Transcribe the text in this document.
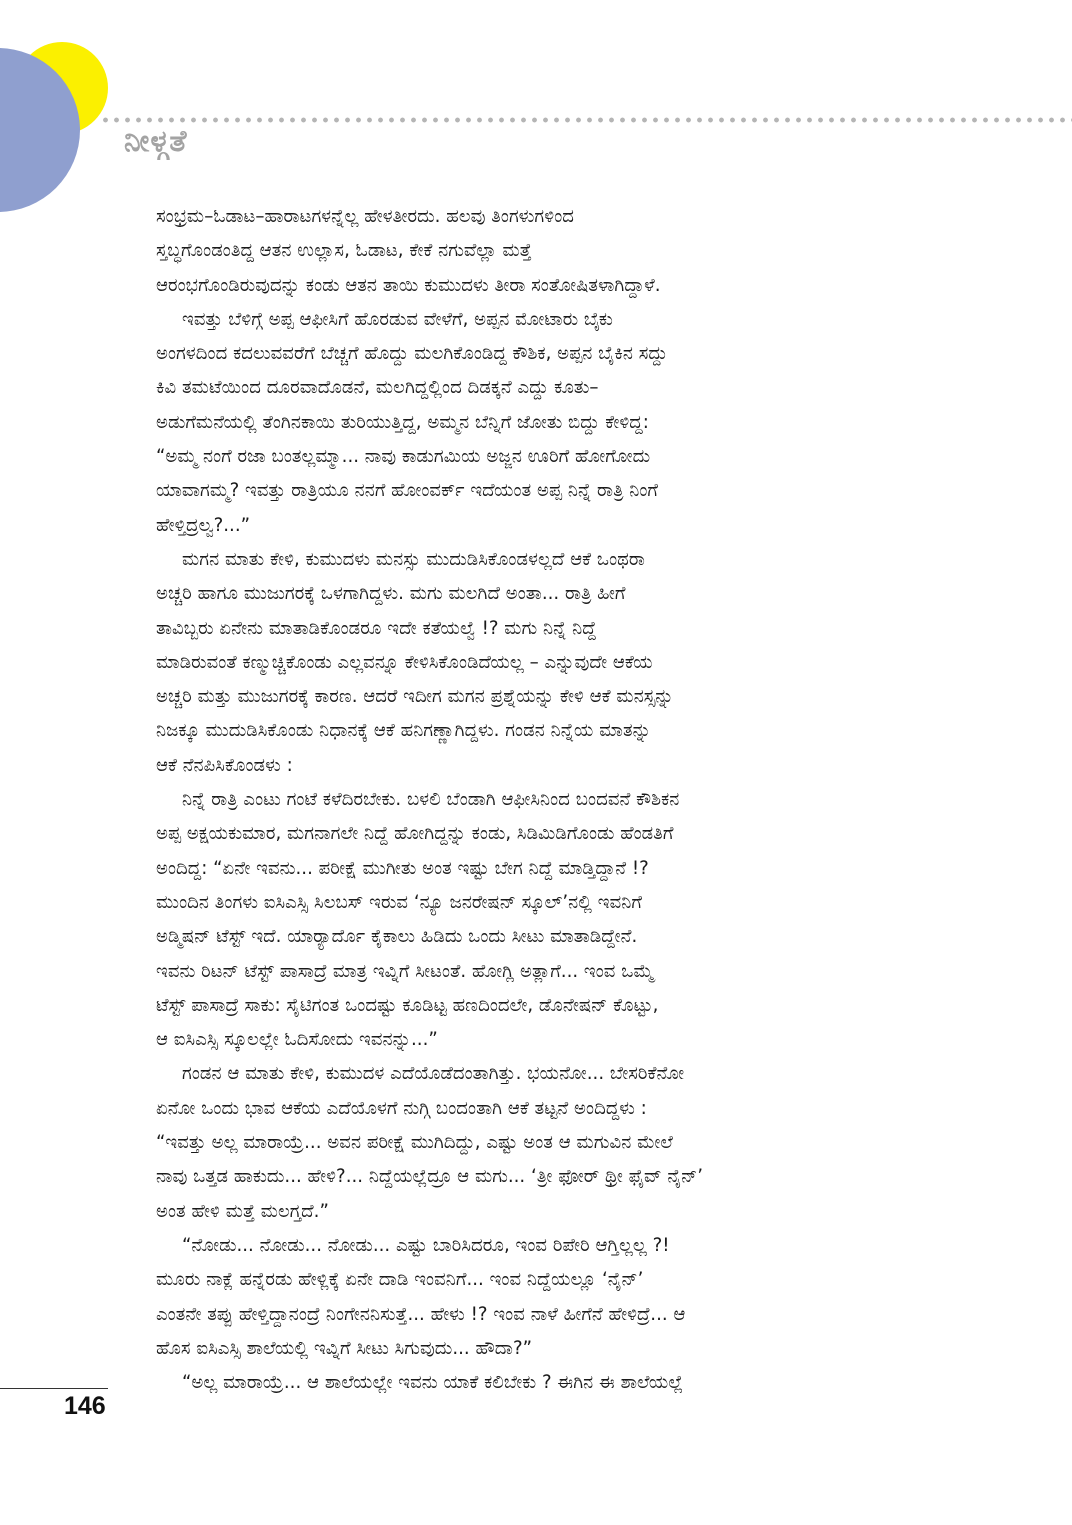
ನೀಳ್ಗತೆ
ಸಂಭ್ರಮ–ಓಡಾಟ–ಹಾರಾಟಗಳನ್ನೆಲ್ಲ ಹೇಳತೀರದು. ಹಲವು ತಿಂಗಳುಗಳಿಂದ
ಸ್ತಬ್ಧಗೊಂಡಂತಿದ್ದ ಆತನ ಉಲ್ಲಾಸ, ಓಡಾಟ, ಕೇಕೆ ನಗುವೆಲ್ಲಾ ಮತ್ತೆ
ಆರಂಭಗೊಂಡಿರುವುದನ್ನು ಕಂಡು ಆತನ ತಾಯಿ ಕುಮುದಳು ತೀರಾ ಸಂತೋಷಿತಳಾಗಿದ್ದಾಳೆ.
ಇವತ್ತು ಬೆಳಿಗ್ಗೆ ಅಪ್ಪ ಆಫೀಸಿಗೆ ಹೊರಡುವ ವೇಳೆಗೆ, ಅಪ್ಪನ ಮೋಟಾರು ಬೈಕು
ಅಂಗಳದಿಂದ ಕದಲುವವರೆಗೆ ಬೆಚ್ಚಗೆ ಹೊದ್ದು ಮಲಗಿಕೊಂಡಿದ್ದ ಕೌಶಿಕ, ಅಪ್ಪನ ಬೈಕಿನ ಸದ್ದು
ಕಿವಿ ತಮಟೆಯಿಂದ ದೂರವಾದೊಡನೆ, ಮಲಗಿದ್ದಲ್ಲಿಂದ ದಿಡಕ್ಕನೆ ಎದ್ದು ಕೂತು–
ಅಡುಗೆಮನೆಯಲ್ಲಿ ತೆಂಗಿನಕಾಯಿ ತುರಿಯುತ್ತಿದ್ದ, ಅಮ್ಮನ ಬೆನ್ನಿಗೆ ಜೋತು ಬಿದ್ದು ಕೇಳಿದ್ದ:
“ಅಮ್ಮ ನಂಗೆ ರಜಾ ಬಂತಲ್ಲಮ್ಮಾ... ನಾವು ಕಾಡುಗಮಿಯ ಅಜ್ಜನ ಊರಿಗೆ ಹೋಗೋದು
ಯಾವಾಗಮ್ಮ? ಇವತ್ತು ರಾತ್ರಿಯೂ ನನಗೆ ಹೋಂವರ್ಕ್ ಇದೆಯಂತ ಅಪ್ಪ ನಿನ್ನೆ ರಾತ್ರಿ ನಿಂಗೆ
ಹೇಳ್ತಿದ್ರಲ್ವ?...”
ಮಗನ ಮಾತು ಕೇಳಿ, ಕುಮುದಳು ಮನಸ್ಸು ಮುದುಡಿಸಿಕೊಂಡಳಲ್ಲದೆ ಆಕೆ ಒಂಥರಾ
ಅಚ್ಚರಿ ಹಾಗೂ ಮುಜುಗರಕ್ಕೆ ಒಳಗಾಗಿದ್ದಳು. ಮಗು ಮಲಗಿದೆ ಅಂತಾ... ರಾತ್ರಿ ಹೀಗೆ
ತಾವಿಬ್ಬರು ಏನೇನು ಮಾತಾಡಿಕೊಂಡರೂ ಇದೇ ಕತೆಯಲ್ವೆ !? ಮಗು ನಿನ್ನೆ ನಿದ್ದೆ
ಮಾಡಿರುವಂತೆ ಕಣ್ಮುಚ್ಚಿಕೊಂಡು ಎಲ್ಲವನ್ನೂ ಕೇಳಿಸಿಕೊಂಡಿದೆಯಲ್ಲ – ಎನ್ನುವುದೇ ಆಕೆಯ
ಅಚ್ಚರಿ ಮತ್ತು ಮುಜುಗರಕ್ಕೆ ಕಾರಣ. ಆದರೆ ಇದೀಗ ಮಗನ ಪ್ರಶ್ನೆಯನ್ನು ಕೇಳಿ ಆಕೆ ಮನಸ್ಸನ್ನು
ನಿಜಕ್ಕೂ ಮುದುಡಿಸಿಕೊಂಡು ನಿಧಾನಕ್ಕೆ ಆಕೆ ಹನಿಗಣ್ಣಾಗಿದ್ದಳು. ಗಂಡನ ನಿನ್ನೆಯ ಮಾತನ್ನು
ಆಕೆ ನೆನಪಿಸಿಕೊಂಡಳು :
ನಿನ್ನೆ ರಾತ್ರಿ ಎಂಟು ಗಂಟೆ ಕಳೆದಿರಬೇಕು. ಬಳಲಿ ಬೆಂಡಾಗಿ ಆಫೀಸಿನಿಂದ ಬಂದವನೆ ಕೌಶಿಕನ
ಅಪ್ಪ ಅಕ್ಷಯಕುಮಾರ, ಮಗನಾಗಲೇ ನಿದ್ದೆ ಹೋಗಿದ್ದನ್ನು ಕಂಡು, ಸಿಡಿಮಿಡಿಗೊಂಡು ಹೆಂಡತಿಗೆ
ಅಂದಿದ್ದ: “ಏನೇ ಇವನು... ಪರೀಕ್ಷೆ ಮುಗೀತು ಅಂತ ಇಷ್ಟು ಬೇಗ ನಿದ್ದೆ ಮಾಡ್ತಿದ್ದಾನೆ !?
ಮುಂದಿನ ತಿಂಗಳು ಐಸಿಎಸ್ಸಿ ಸಿಲಬಸ್ ಇರುವ ‘ನ್ಯೂ ಜನರೇಷನ್ ಸ್ಕೂಲ್’ನಲ್ಲಿ ಇವನಿಗೆ
ಅಡ್ಮಿಷನ್ ಟೆಸ್ಟ್ ಇದೆ. ಯಾರ್‍ಯಾರ್ದೊ ಕೈಕಾಲು ಹಿಡಿದು ಒಂದು ಸೀಟು ಮಾತಾಡಿದ್ದೇನೆ.
ಇವನು ರಿಟನ್ ಟೆಸ್ಟ್ ಪಾಸಾದ್ರೆ ಮಾತ್ರ ಇವ್ನಿಗೆ ಸೀಟಂತೆ. ಹೋಗ್ಲಿ ಅತ್ಲಾಗೆ... ಇಂವ ಒಮ್ಮೆ
ಟೆಸ್ಟ್ ಪಾಸಾದ್ರೆ ಸಾಕು: ಸೈಟಿಗಂತ ಒಂದಷ್ಟು ಕೂಡಿಟ್ಟ ಹಣದಿಂದಲೇ, ಡೊನೇಷನ್ ಕೊಟ್ಟು,
ಆ ಐಸಿಎಸ್ಸಿ ಸ್ಕೂಲಲ್ಲೇ ಓದಿಸೋದು ಇವನನ್ನು...”
ಗಂಡನ ಆ ಮಾತು ಕೇಳಿ, ಕುಮುದಳ ಎದೆಯೊಡೆದಂತಾಗಿತ್ತು. ಭಯನೋ... ಬೇಸರಿಕೆನೋ
ಏನೋ ಒಂದು ಭಾವ ಆಕೆಯ ಎದೆಯೊಳಗೆ ನುಗ್ಗಿ ಬಂದಂತಾಗಿ ಆಕೆ ತಟ್ಟನೆ ಅಂದಿದ್ದಳು :
“ಇವತ್ತು ಅಲ್ಲ ಮಾರಾಯ್ರೆ... ಅವನ ಪರೀಕ್ಷೆ ಮುಗಿದಿದ್ದು, ಎಷ್ಟು ಅಂತ ಆ ಮಗುವಿನ ಮೇಲೆ
ನಾವು ಒತ್ತಡ ಹಾಕುದು... ಹೇಳಿ?... ನಿದ್ದೆಯಲ್ಲೆದ್ರೂ ಆ ಮಗು... ‘ತ್ರೀ ಫೋರ್ ಥ್ರೀ ಫೈವ್ ನೈನ್’
ಅಂತ ಹೇಳಿ ಮತ್ತೆ ಮಲಗ್ತದೆ.”
“ನೋಡು... ನೋಡು... ನೋಡು... ಎಷ್ಟು ಬಾರಿಸಿದರೂ, ಇಂವ ರಿಪೇರಿ ಆಗ್ತಿಲ್ಲಲ್ಲ ?!
ಮೂರು ನಾಕ್ಲೆ ಹನ್ನೆರಡು ಹೇಳ್ಲಿಕ್ಕೆ ಏನೇ ದಾಡಿ ಇಂವನಿಗೆ... ಇಂವ ನಿದ್ದೆಯಲ್ಲೂ ‘ನೈನ್’
ಎಂತನೇ ತಪ್ಪು ಹೇಳ್ತಿದ್ದಾನಂದ್ರೆ ನಿಂಗೇನನಿಸುತ್ತೆ... ಹೇಳು !? ಇಂವ ನಾಳೆ ಹೀಗೆನೆ ಹೇಳಿದ್ರೆ... ಆ
ಹೊಸ ಐಸಿಎಸ್ಸಿ ಶಾಲೆಯಲ್ಲಿ ಇವ್ನಿಗೆ ಸೀಟು ಸಿಗುವುದು... ಹೌದಾ?”
“ಅಲ್ಲ ಮಾರಾಯ್ರೆ... ಆ ಶಾಲೆಯಲ್ಲೇ ಇವನು ಯಾಕೆ ಕಲಿಬೇಕು ? ಈಗಿನ ಈ ಶಾಲೆಯಲ್ಲೆ
146
